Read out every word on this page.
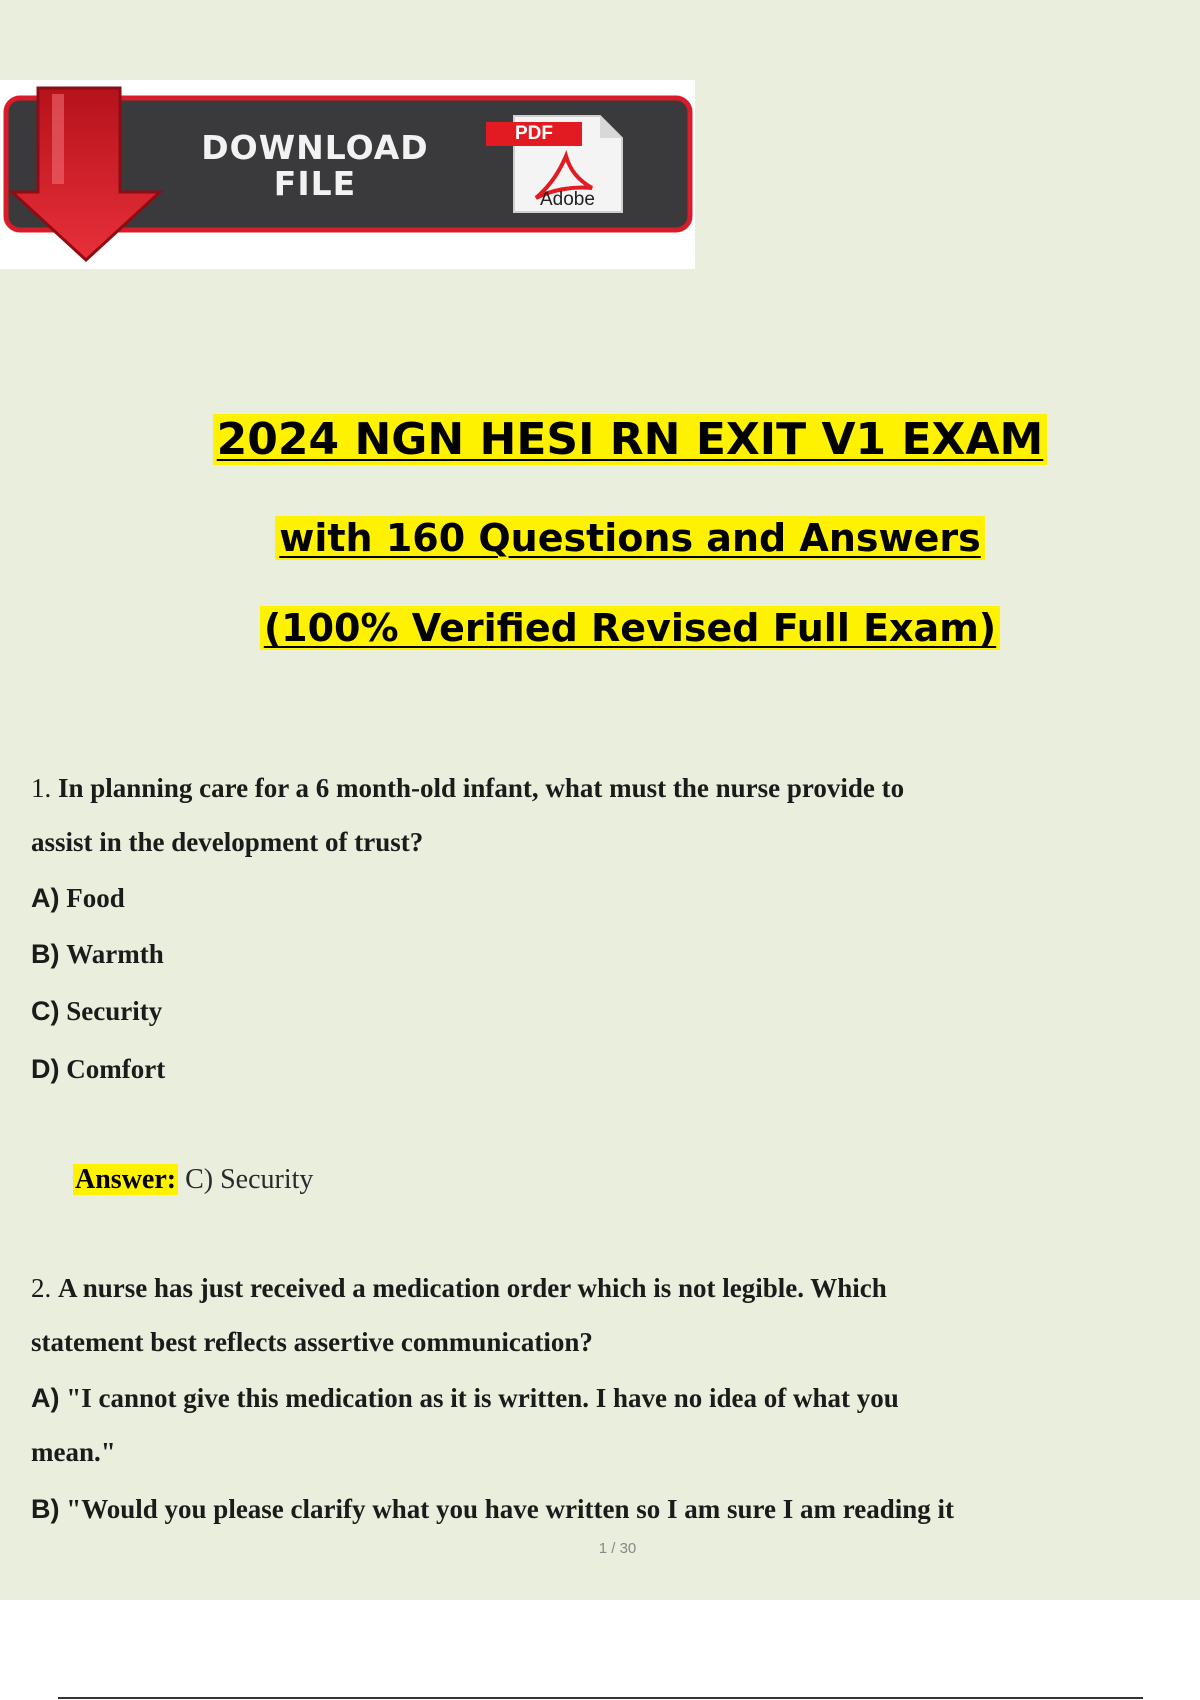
DOWNLOAD
FILE
PDF
Adobe
2024 NGN HESI RN EXIT V1 EXAM
with 160 Questions and Answers
(100% Verified Revised Full Exam)
1. In planning care for a 6 month-old infant, what must the nurse provide to
assist in the development of trust?
A) Food
B) Warmth
C) Security
D) Comfort
Answer: C) Security
2. A nurse has just received a medication order which is not legible. Which
statement best reflects assertive communication?
A) "I cannot give this medication as it is written. I have no idea of what you
mean."
B) "Would you please clarify what you have written so I am sure I am reading it
1 / 30
